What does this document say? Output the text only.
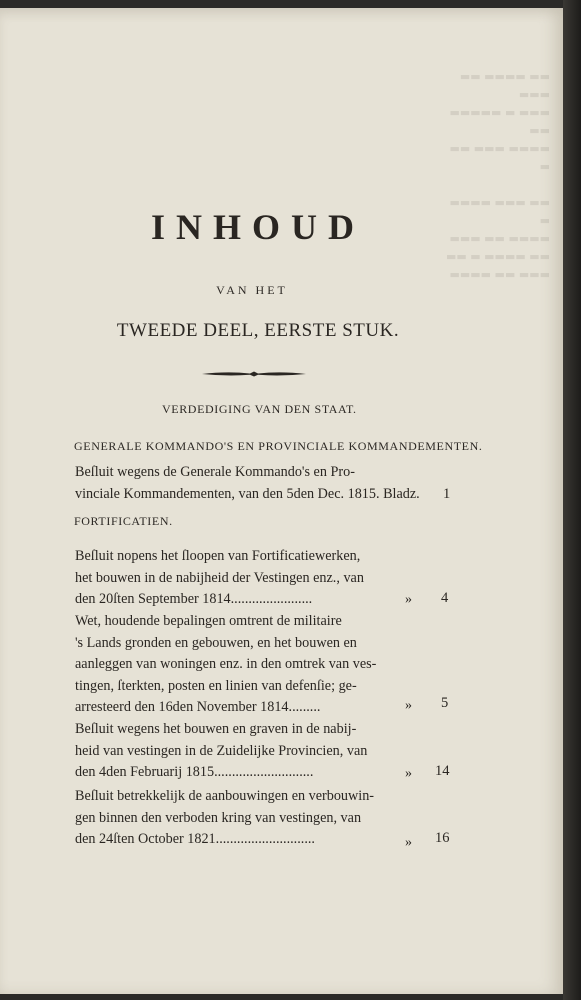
▬▬ ▬▬▬▬ ▬▬ ▬▬▬
▬▬▬ ▬ ▬▬▬▬▬ ▬▬
▬▬▬▬ ▬▬▬ ▬▬ ▬

▬▬ ▬▬▬ ▬▬▬▬ ▬
▬▬▬▬ ▬▬ ▬▬▬
▬▬ ▬▬▬▬ ▬ ▬▬
▬▬▬ ▬▬ ▬▬▬▬

INHOUD
VAN HET
TWEEDE DEEL, EERSTE STUK.
VERDEDIGING VAN DEN STAAT.
GENERALE KOMMANDO'S EN PROVINCIALE KOMMANDEMENTEN.
FORTIFICATIEN.
Beſluit wegens de Generale Kommando's en Pro-
vinciale Kommandementen, van den 5den Dec. 1815. Bladz.	1
Beſluit nopens het ſloopen van Fortificatiewerken,
het bouwen in de nabijheid der Vestingen enz., van
den 20ſten September 1814.......................	» 4
Wet, houdende bepalingen omtrent de militaire
's Lands gronden en gebouwen, en het bouwen en
aanleggen van woningen enz. in den omtrek van ves-
tingen, ſterkten, posten en linien van defenſie; ge-
arresteerd den 16den November 1814.........	» 5
Beſluit wegens het bouwen en graven in de nabij-
heid van vestingen in de Zuidelijke Provincien, van
den 4den Februarij 1815............................	» 14
Beſluit betrekkelijk de aanbouwingen en verbouwin-
gen binnen den verboden kring van vestingen, van
den 24ſten October 1821............................	» 16
